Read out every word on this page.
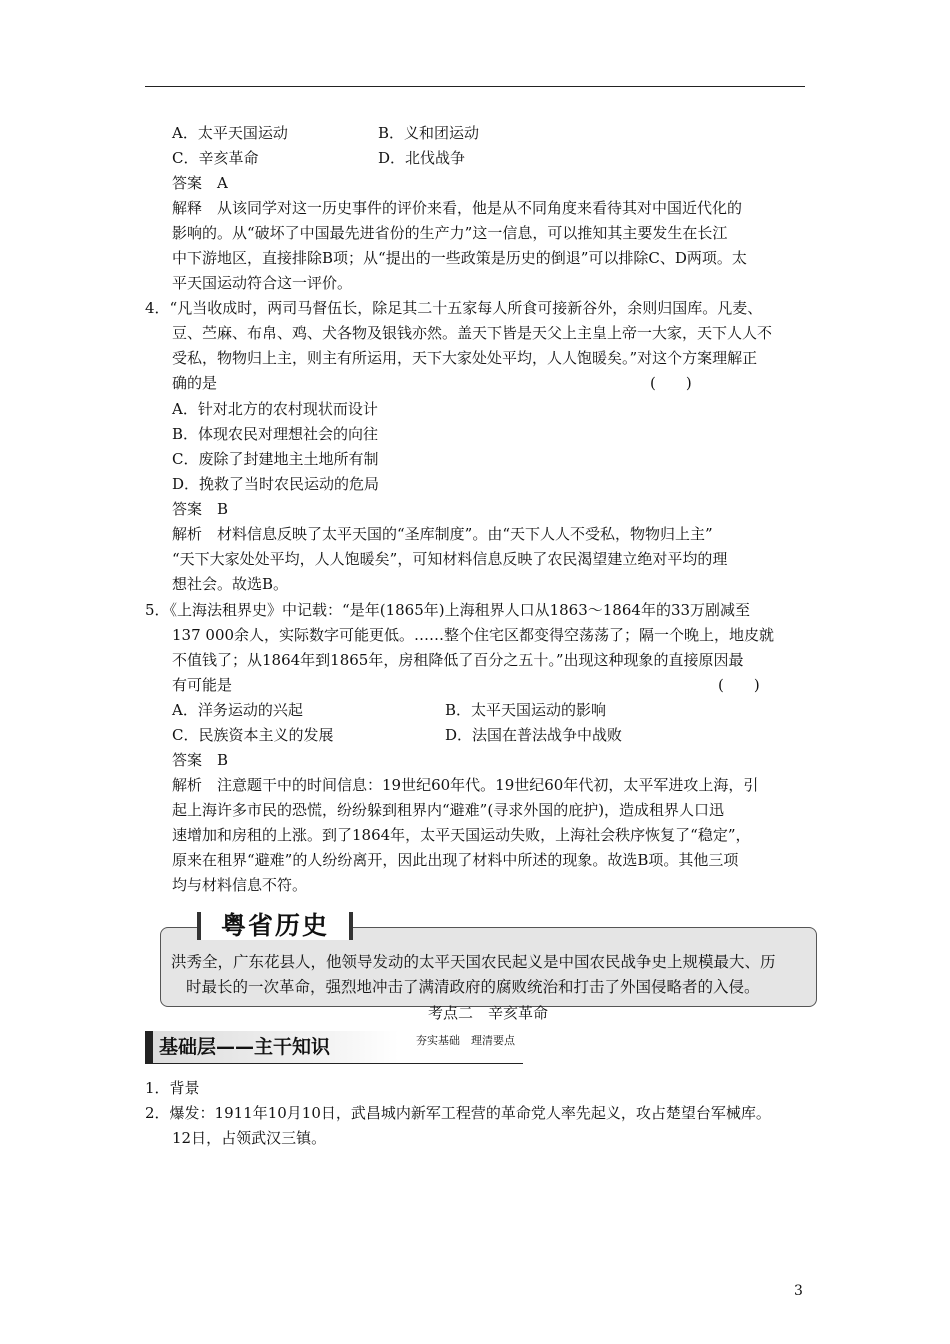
A．太平天国运动	B．义和团运动
C．辛亥革命	D．北伐战争
答案　A
解释　从该同学对这一历史事件的评价来看，他是从不同角度来看待其对中国近代化的
影响的。从“破坏了中国最先进省份的生产力”这一信息，可以推知其主要发生在长江
中下游地区，直接排除B项；从“提出的一些政策是历史的倒退”可以排除C、D两项。太
平天国运动符合这一评价。
4．“凡当收成时，两司马督伍长，除足其二十五家每人所食可接新谷外，余则归国库。凡麦、
豆、苎麻、布帛、鸡、犬各物及银钱亦然。盖天下皆是天父上主皇上帝一大家，天下人人不
受私，物物归上主，则主有所运用，天下大家处处平均，人人饱暖矣。”对这个方案理解正
确的是	(　　)
A．针对北方的农村现状而设计
B．体现农民对理想社会的向往
C．废除了封建地主土地所有制
D．挽救了当时农民运动的危局
答案　B
解析　材料信息反映了太平天国的“圣库制度”。由“天下人人不受私，物物归上主”
“天下大家处处平均，人人饱暖矣”，可知材料信息反映了农民渴望建立绝对平均的理
想社会。故选B。
5．《上海法租界史》中记载：“是年(1865年)上海租界人口从1863～1864年的33万剧减至
137 000余人，实际数字可能更低。……整个住宅区都变得空荡荡了；隔一个晚上，地皮就
不值钱了；从1864年到1865年，房租降低了百分之五十。”出现这种现象的直接原因最
有可能是	(　　)
A．洋务运动的兴起	B．太平天国运动的影响
C．民族资本主义的发展	D．法国在普法战争中战败
答案　B
解析　注意题干中的时间信息：19世纪60年代。19世纪60年代初，太平军进攻上海，引
起上海许多市民的恐慌，纷纷躲到租界内“避难”(寻求外国的庇护)，造成租界人口迅
速增加和房租的上涨。到了1864年，太平天国运动失败，上海社会秩序恢复了“稳定”，
原来在租界“避难”的人纷纷离开，因此出现了材料中所述的现象。故选B项。其他三项
均与材料信息不符。
洪秀全，广东花县人，他领导发动的太平天国农民起义是中国农民战争史上规模最大、历
时最长的一次革命，强烈地冲击了满清政府的腐败统治和打击了外国侵略者的入侵。
粤省历史
考点二　辛亥革命
基础层——主干知识	夯实基础　理清要点
1．背景
2．爆发：1911年10月10日，武昌城内新军工程营的革命党人率先起义，攻占楚望台军械库。
12日，占领武汉三镇。
3
